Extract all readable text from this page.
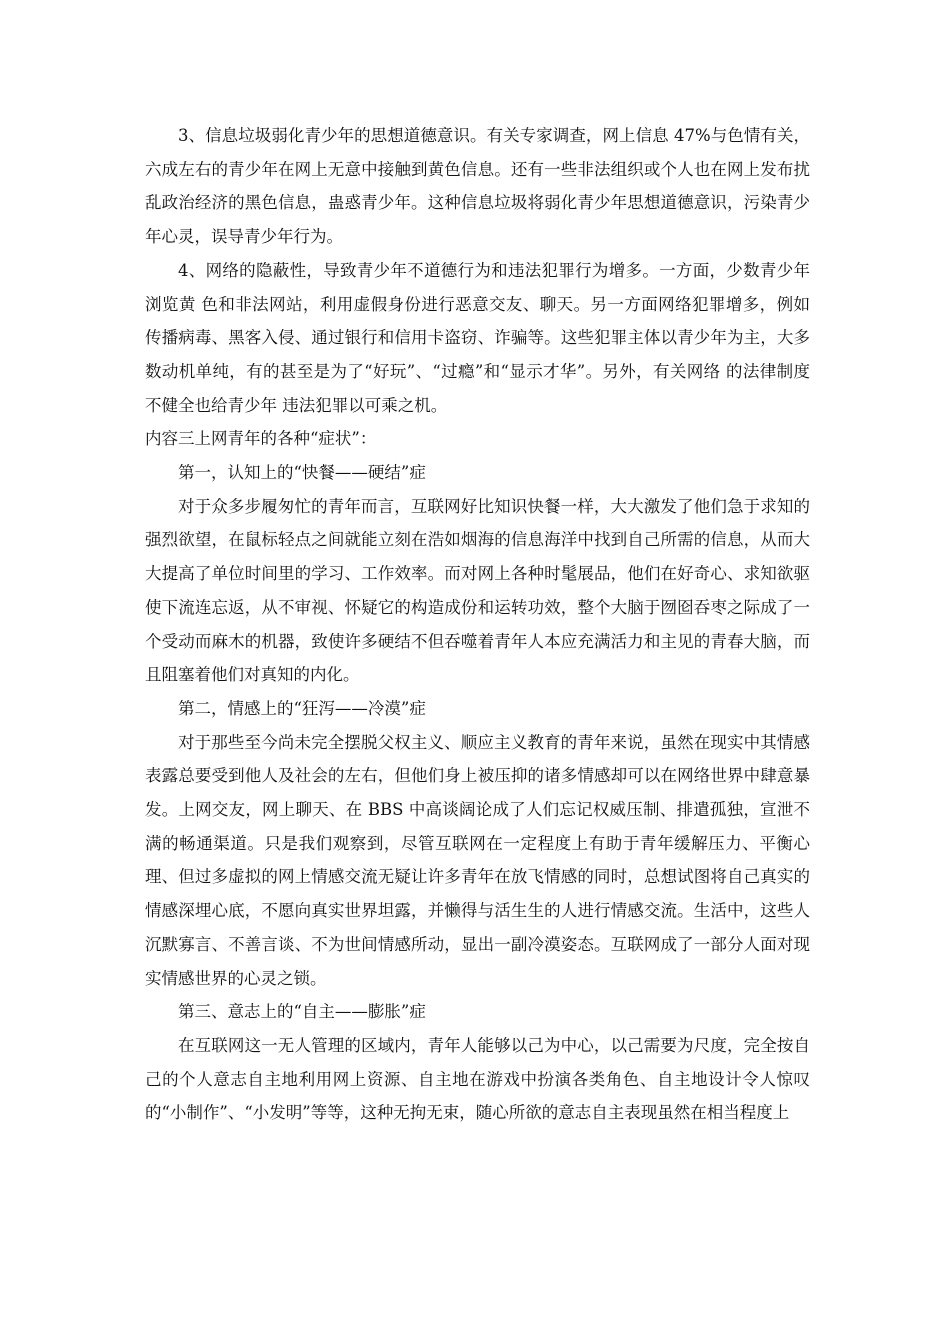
3、信息垃圾弱化青少年的思想道德意识。有关专家调查，网上信息 47%与色情有关，六成左右的青少年在网上无意中接触到黄色信息。还有一些非法组织或个人也在网上发布扰乱政治经济的黑色信息，蛊惑青少年。这种信息垃圾将弱化青少年思想道德意识，污染青少年心灵，误导青少年行为。

4、网络的隐蔽性，导致青少年不道德行为和违法犯罪行为增多。一方面，少数青少年浏览黄 色和非法网站，利用虚假身份进行恶意交友、聊天。另一方面网络犯罪增多，例如传播病毒、黑客入侵、通过银行和信用卡盗窃、诈骗等。这些犯罪主体以青少年为主，大多数动机单纯，有的甚至是为了“好玩”、“过瘾”和“显示才华”。另外，有关网络 的法律制度不健全也给青少年 违法犯罪以可乘之机。

内容三上网青年的各种“症状”：

第一，认知上的“快餐——硬结”症

对于众多步履匆忙的青年而言，互联网好比知识快餐一样，大大激发了他们急于求知的强烈欲望，在鼠标轻点之间就能立刻在浩如烟海的信息海洋中找到自己所需的信息，从而大大提高了单位时间里的学习、工作效率。而对网上各种时髦展品，他们在好奇心、求知欲驱使下流连忘返，从不审视、怀疑它的构造成份和运转功效，整个大脑于囫囵吞枣之际成了一个受动而麻木的机器，致使许多硬结不但吞噬着青年人本应充满活力和主见的青春大脑，而且阻塞着他们对真知的内化。

第二，情感上的“狂泻——冷漠”症

对于那些至今尚未完全摆脱父权主义、顺应主义教育的青年来说，虽然在现实中其情感表露总要受到他人及社会的左右，但他们身上被压抑的诸多情感却可以在网络世界中肆意暴发。上网交友，网上聊天、在 BBS 中高谈阔论成了人们忘记权威压制、排遣孤独，宣泄不满的畅通渠道。只是我们观察到，尽管互联网在一定程度上有助于青年缓解压力、平衡心理、但过多虚拟的网上情感交流无疑让许多青年在放飞情感的同时，总想试图将自己真实的情感深埋心底，不愿向真实世界坦露，并懒得与活生生的人进行情感交流。生活中，这些人沉默寡言、不善言谈、不为世间情感所动，显出一副冷漠姿态。互联网成了一部分人面对现实情感世界的心灵之锁。

第三、意志上的“自主——膨胀”症

在互联网这一无人管理的区域内，青年人能够以己为中心，以己需要为尺度，完全按自己的个人意志自主地利用网上资源、自主地在游戏中扮演各类角色、自主地设计令人惊叹的“小制作”、“小发明”等等，这种无拘无束，随心所欲的意志自主表现虽然在相当程度上
